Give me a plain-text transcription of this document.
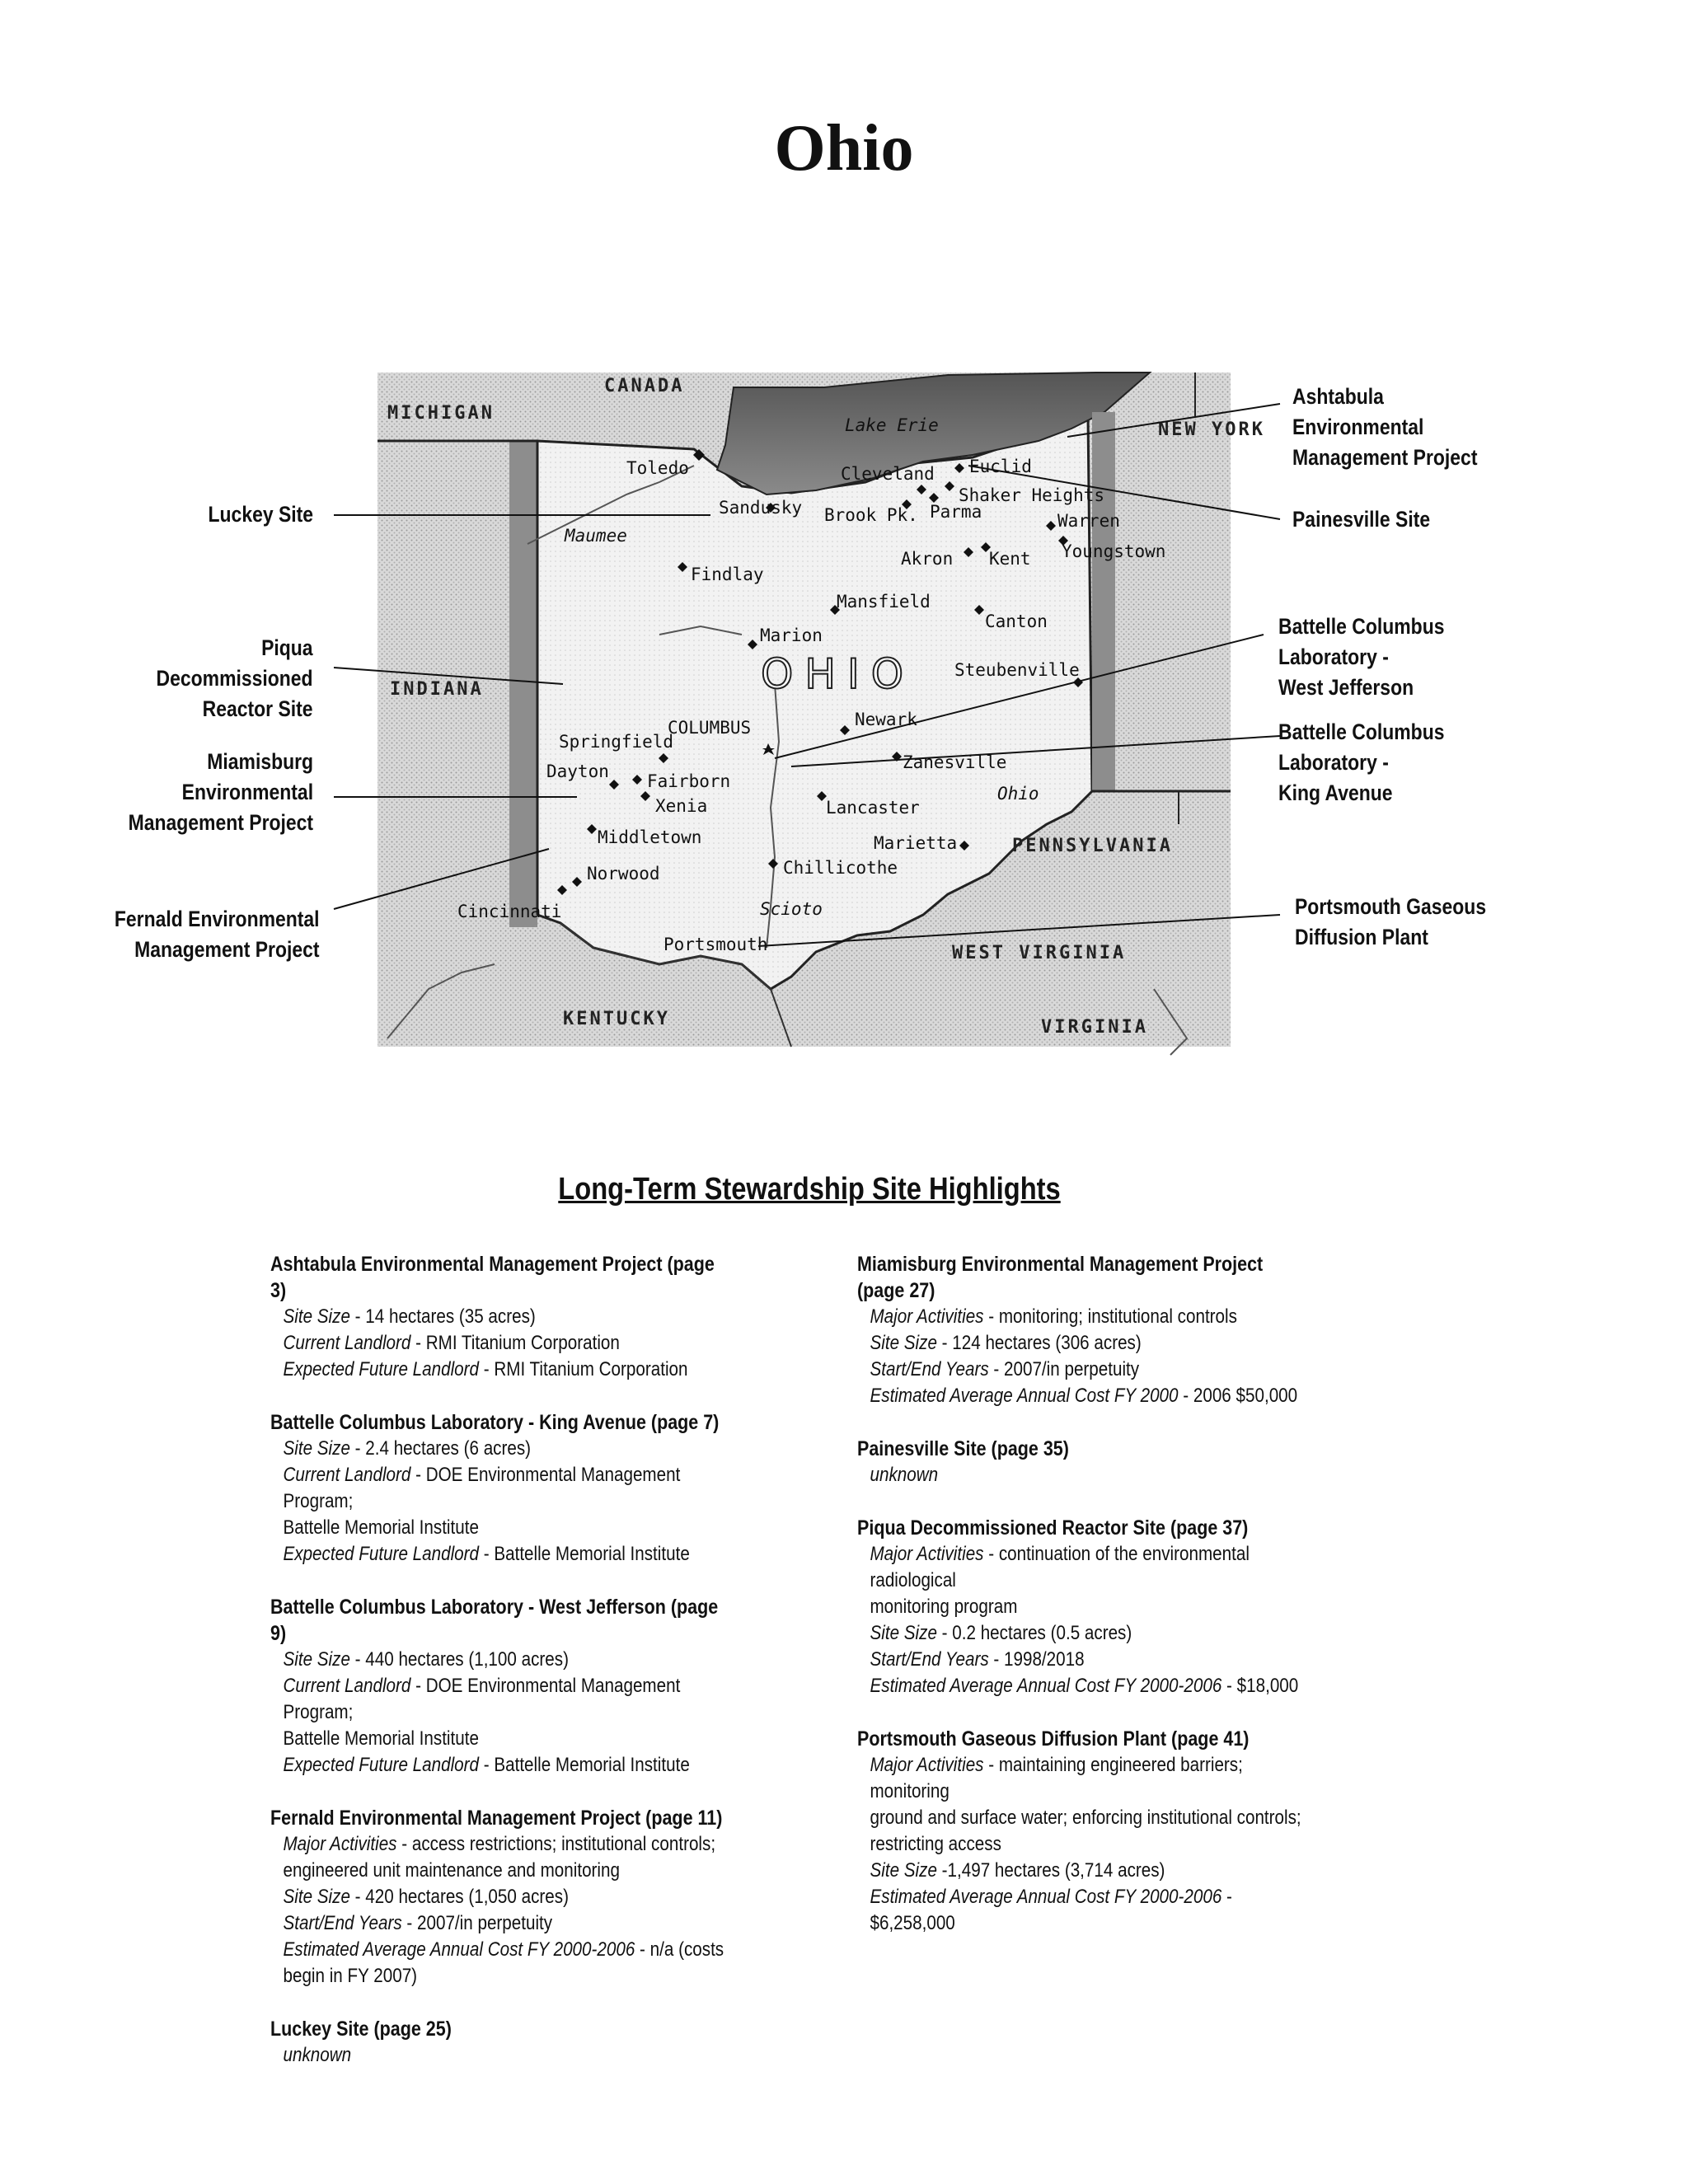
Ohio
CANADA
MICHIGAN
INDIANA
KENTUCKY
WEST VIRGINIA
VIRGINIA
PENNSYLVANIA
NEW YORK
Lake Erie
Maumee
Scioto
Ohio
OHIO
Toledo
Sandusky Brook Pk.
Cleveland Euclid
Shaker Heights
Parma	Warren
Youngstown
Akron Kent
Findlay
Mansfield
Canton
Marion
Steubenville
Newark
COLUMBUS
Springfield
Dayton Fairborn
Xenia
Zanesville
Lancaster
Middletown	Marietta
Norwood	Chillicothe
Cincinnati
Portsmouth
Luckey Site
Piqua
Decommissioned
Reactor Site
Miamisburg
Environmental
Management Project
Fernald Environmental
Management Project
Ashtabula
Environmental
Management Project
Painesville Site
Battelle Columbus
Laboratory -
West Jefferson
Battelle Columbus
Laboratory -
King Avenue
Portsmouth Gaseous
Diffusion Plant
Long-Term Stewardship Site Highlights
Ashtabula Environmental Management Project (page 3)
Site Size - 14 hectares (35 acres)
Current Landlord - RMI Titanium Corporation
Expected Future Landlord - RMI Titanium Corporation
Battelle Columbus Laboratory - King Avenue (page 7)
Site Size - 2.4 hectares (6 acres)
Current Landlord - DOE Environmental Management Program;
Battelle Memorial Institute
Expected Future Landlord - Battelle Memorial Institute
Battelle Columbus Laboratory - West Jefferson (page 9)
Site Size - 440 hectares (1,100 acres)
Current Landlord - DOE Environmental Management Program;
Battelle Memorial Institute
Expected Future Landlord - Battelle Memorial Institute
Fernald Environmental Management Project (page 11)
Major Activities - access restrictions; institutional controls;
engineered unit maintenance and monitoring
Site Size - 420 hectares (1,050 acres)
Start/End Years - 2007/in perpetuity
Estimated Average Annual Cost FY 2000-2006 - n/a (costs
begin in FY 2007)
Luckey Site (page 25)
unknown
Miamisburg Environmental Management Project (page 27)
Major Activities - monitoring; institutional controls
Site Size - 124 hectares (306 acres)
Start/End Years - 2007/in perpetuity
Estimated Average Annual Cost FY 2000 - 2006 $50,000
Painesville Site (page 35)
unknown
Piqua Decommissioned Reactor Site (page 37)
Major Activities - continuation of the environmental radiological
monitoring program
Site Size - 0.2 hectares (0.5 acres)
Start/End Years - 1998/2018
Estimated Average Annual Cost FY 2000-2006 - $18,000
Portsmouth Gaseous Diffusion Plant (page 41)
Major Activities - maintaining engineered barriers; monitoring
ground and surface water; enforcing institutional controls;
restricting access
Site Size -1,497 hectares (3,714 acres)
Estimated Average Annual Cost FY 2000-2006 - $6,258,000
